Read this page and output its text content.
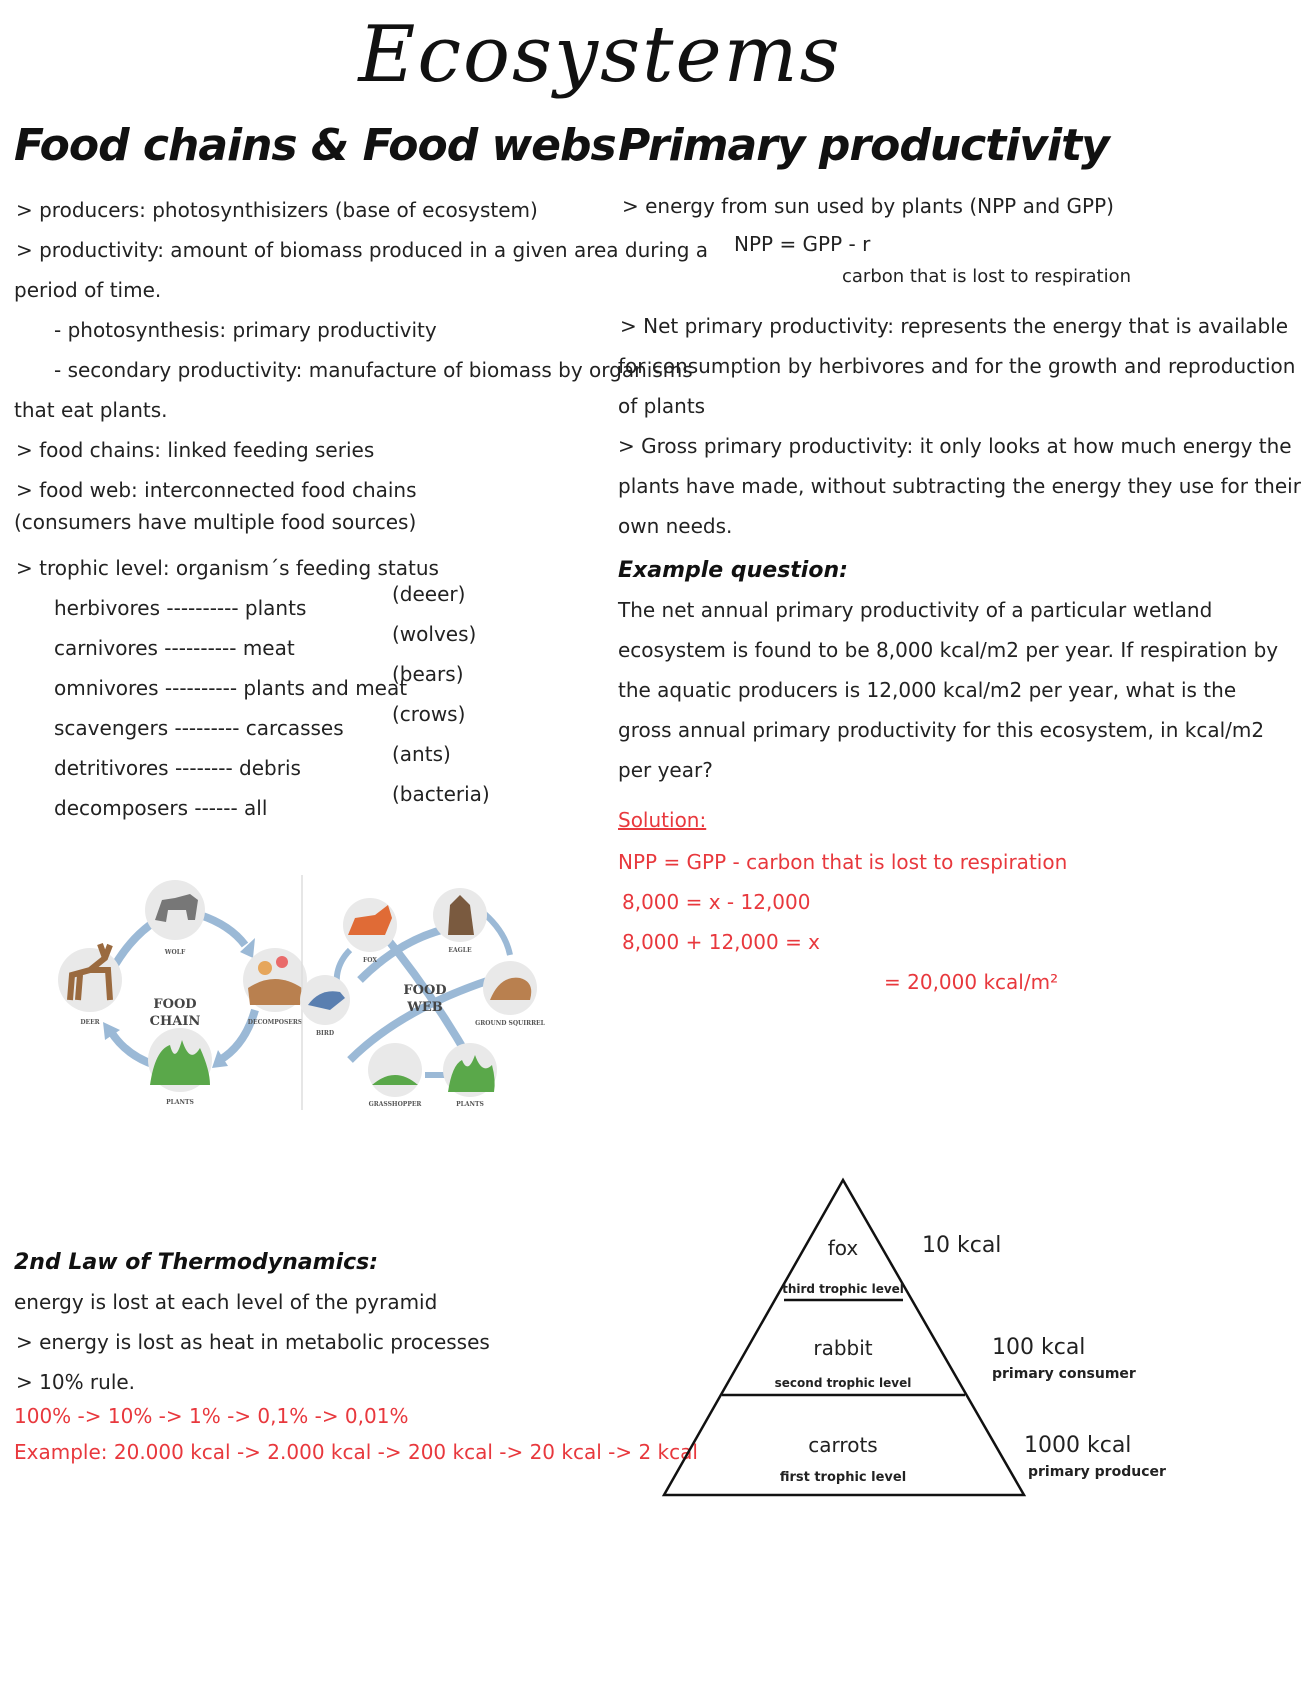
Ecosystems
Food chains & Food webs
> producers: photosynthisizers (base of ecosystem)
> productivity: amount of biomass produced in a given area during a
period of time.
- photosynthesis: primary productivity
- secondary productivity: manufacture of biomass by organisms
that eat plants.
> food chains: linked feeding series
> food web: interconnected food chains
(consumers have multiple food sources)
> trophic level: organism´s feeding status
herbivores ---------- plants
carnivores ---------- meat
omnivores ---------- plants and meat
scavengers --------- carcasses
detritivores -------- debris
decomposers ------ all
(deeer)
(wolves)
(bears)
(crows)
(ants)
(bacteria)
FOOD
CHAIN
WOLF
DECOMPOSERS
PLANTS
DEER
FOOD
WEB
FOX
EAGLE
GROUND SQUIRREL
PLANTS
GRASSHOPPER
BIRD
Primary productivity
> energy from sun used by plants (NPP and GPP)
NPP = GPP - r
carbon that is lost to respiration
> Net primary productivity: represents the energy that is available
for consumption by herbivores and for the growth and reproduction
of plants
> Gross primary productivity: it only looks at how much energy the
plants have made, without subtracting the energy they use for their
own needs.
Example question:
The net annual primary productivity of a particular wetland
ecosystem is found to be 8,000 kcal/m2 per year. If respiration by
the aquatic producers is 12,000 kcal/m2 per year, what is the
gross annual primary productivity for this ecosystem, in kcal/m2
per year?
Solution:
NPP = GPP - carbon that is lost to respiration
8,000 = x - 12,000
8,000 + 12,000 = x
= 20,000 kcal/m²
2nd Law of Thermodynamics:
energy is lost at each level of the pyramid
> energy is lost as heat in metabolic processes
> 10% rule.
100% -> 10% -> 1% -> 0,1% -> 0,01%
Example: 20.000 kcal -> 2.000 kcal -> 200 kcal -> 20 kcal -> 2 kcal
fox
third trophic level
rabbit
second trophic level
carrots
first trophic level
10 kcal
100 kcal
primary consumer
1000 kcal
primary producer
